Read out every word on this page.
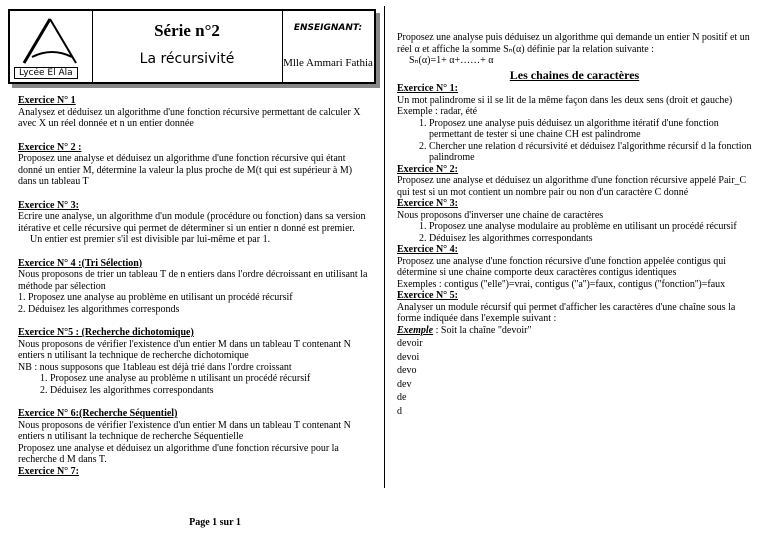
Lycée El Ala
Série n°2
La récursivité
ENSEIGNANT:
Mlle Ammari Fathia
Exercice N° 1
Analysez et déduisez un algorithme d'une fonction récursive permettant de calculer X avec X un réel donnée et n un entier donnée
Exercice N° 2 :
Proposez une analyse et déduisez un algorithme d'une fonction récursive qui étant donné un entier M, détermine la valeur la plus proche de M(t qui est supérieur à M) dans un tableau T
Exercice N° 3:
Ecrire une analyse, un algorithme d'un module (procédure ou fonction) dans sa version itérative et celle récursive qui permet de déterminer si un entier n donné est premier.
Un entier est premier s'il est divisible par lui-même et par 1.
Exercice N° 4 :(Tri Sélection)
Nous proposons de trier un tableau T de n entiers dans l'ordre décroissant en utilisant la méthode par sélection
1. Proposez une analyse au problème en utilisant un procédé récursif
2. Déduisez les algorithmes corresponds
Exercice N°5 : (Recherche dichotomique)
Nous proposons de vérifier l'existence d'un entier M dans un tableau T contenant N entiers n utilisant la technique de recherche dichotomique
NB : nous supposons que 1tableau est déjà trié dans l'ordre croissant
1. Proposez une analyse au problème n utilisant un procédé récursif
2. Déduisez les algorithmes correspondants
Exercice N° 6:(Recherche Séquentiel)
Nous proposons de vérifier l'existence d'un entier M dans un tableau T contenant N entiers n utilisant la technique de recherche Séquentielle
Proposez une analyse et déduisez un algorithme d'une fonction récursive pour la recherche d M dans T.
Exercice N° 7:
Proposez une analyse puis déduisez un algorithme qui demande un entier N positif et un réel α et affiche la somme Sₙ(α) définie par la relation suivante :
Sₙ(α)=1+ α+……+ α
Les chaines de caractères
Exercice N° 1:
Un mot palindrome si il se lit de la même façon dans les deux sens (droit et gauche)
Exemple : radar, été
1. Proposez une analyse puis déduisez un algorithme itératif d'une fonction permettant de tester si une chaine CH est palindrome
2. Chercher une relation d récursivité et déduisez l'algorithme récursif d la fonction palindrome
Exercice N° 2:
Proposez une analyse et déduisez un algorithme d'une fonction récursive appelé Pair_C qui test si un mot contient un nombre pair ou non d'un caractère C donné
Exercice N° 3:
Nous proposons d'inverser une chaine de caractères
1. Proposez une analyse modulaire au problème en utilisant un procédé récursif
2. Déduisez les algorithmes correspondants
Exercice N° 4:
Proposez une analyse d'une fonction récursive d'une fonction appelée contigus qui détermine si une chaine comporte deux caractères contigus identiques
Exemples : contigus (''elle'')=vrai, contigus (''a'')=faux, contigus (''fonction'')=faux
Exercice N° 5:
Analyser un module récursif qui permet d'afficher les caractères d'une chaîne sous la forme indiquée dans l'exemple suivant :
Exemple : Soit la chaîne "devoir"
devoir
devoi
devo
dev
de
d
Page 1 sur 1
